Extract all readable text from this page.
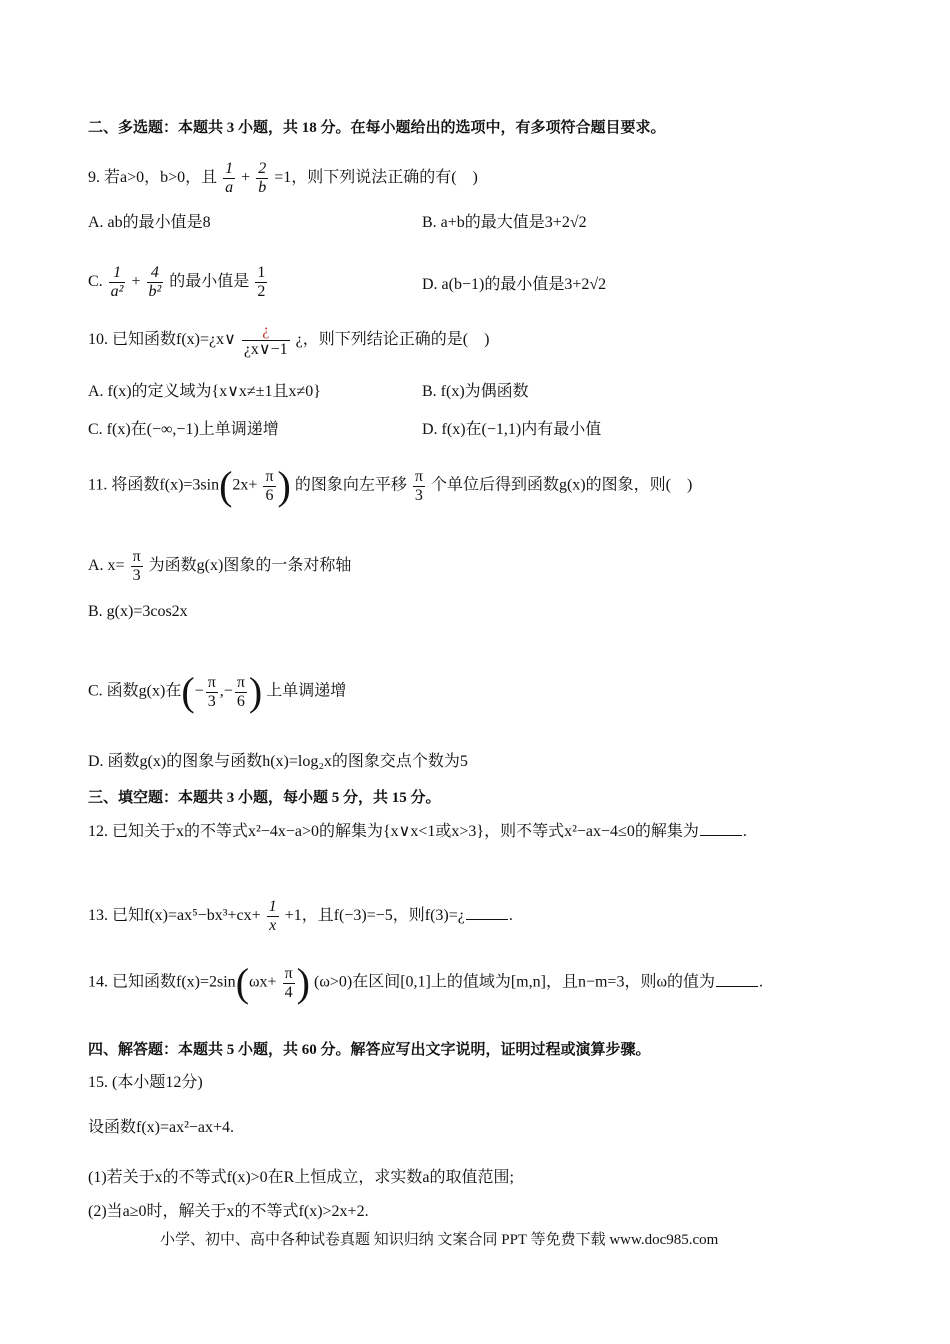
二、多选题：本题共 3 小题，共 18 分。在每小题给出的选项中，有多项符合题目要求。
9. 若a>0，b>0，且 $\frac{1}{a} + \frac{2}{b} =1$，则下列说法正确的有(　)
A. ab的最小值是8	B. a+b的最大值是3+2√2
C. $\frac{1}{\text{a²}} + \frac{4}{\text{b²}}$ 的最小值是 $\frac{1}{2}$	D. a(b−1)的最小值是3+2√2
10. 已知函数f(x)=¿x∨ $\frac{¿}{¿x\vee-1}$ ¿，则下列结论正确的是(　)
A. f(x)的定义域为{x∨x≠±1且x≠0}	B. f(x)为偶函数
C. f(x)在(−∞,−1)上单调递增	D. f(x)在(−1,1)内有最小值
11. 将函数$f(x)=3\sin(2x+ \frac{\pi}{6}$ ) 的图象向左平移 $\frac{\pi}{3}$ 个单位后得到函数g(x)的图象，则(　)
A. $x= \frac{\pi}{3}$ 为函数g(x)图象的一条对称轴
B. g(x)=3cos2x
C. 函数g(x)在(− $\frac{\pi}{3}$ ,− $\frac{\pi}{6}$ ) 上单调递增
D. 函数g(x)的图象与函数h(x)=log₂x的图象交点个数为5
三、填空题：本题共 3 小题，每小题 5 分，共 15 分。
12. 已知关于x的不等式x²−4x−a>0的解集为{x∨x<1或x>3}，则不等式x²−ax−4≤0的解集为	.
13. 已知$f(x)=ax^5-bx^3+cx+ \frac{1}{x} +1$，且f(−3)=−5，则f(3)=¿	.
14. 已知函数$f(x)=2\sin(\omega x+ \frac{\pi}{4}$ ) (ω>0)在区间[0,1]上的值域为[m,n]，且n−m=3，则ω的值为	.
四、解答题：本题共 5 小题，共 60 分。解答应写出文字说明，证明过程或演算步骤。
15. (本小题12分)
设函数f(x)=ax²−ax+4.
(1)若关于x的不等式f(x)>0在R上恒成立，求实数a的取值范围;
(2)当a≥0时，解关于x的不等式f(x)>2x+2.
小学、初中、高中各种试卷真题 知识归纳 文案合同 PPT 等免费下载 www.doc985.com
